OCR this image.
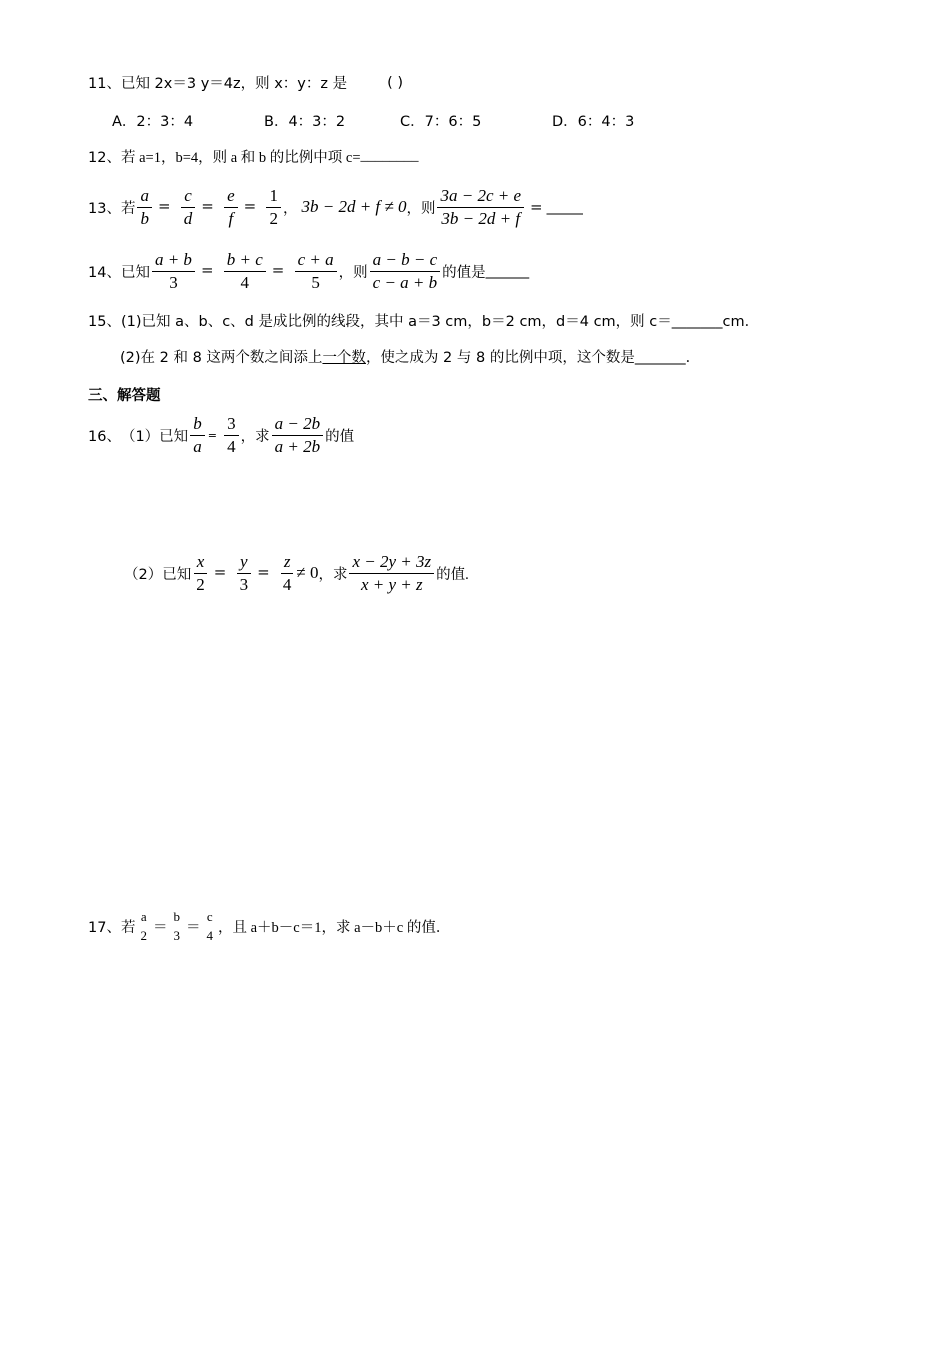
11、 已知 2x＝3 y＝4z，则 x：y：z 是	( )
A．2：3：4	B．4：3：2	C．7：6：5	D．6：4：3
12、 若 a=1，b=4，则 a 和 b 的比例中项 c= ________
13、 若 $\frac{a}{b} = \frac{c}{d} = \frac{e}{f} = \frac{1}{2}$ ， 3b − 2d + f ≠ 0 ，则 $\frac{3a - 2c + e}{3b - 2d + f}$ = _____
14、 已知 $\frac{a + b}{3} = \frac{b + c}{4} = \frac{c + a}{5}$ ，则 $\frac{a - b - c}{c - a + b}$ 的值是 ______
15、 (1)已知 a、b、c、d 是成比例的线段，其中 a＝3 cm，b＝2 cm，d＝4 cm，则 c＝ _______ cm．
(2)在 2 和 8 这两个数之间添上 一个数 ，使之成为 2 与 8 的比例中项，这个数是 _______ ．
三、解答题
16、 （1）已知 $\frac{b}{a} = \frac{3}{4}$ ，求 $\frac{a - 2b}{a + 2b}$ 的值
（2）已知 $\frac{x}{2} = \frac{y}{3} = \frac{z}{4} \ne 0$ ，求 $\frac{x - 2y + 3z}{x + y + z}$ 的值.
17、 若
a
2 ＝
b
3 ＝
c
4 ，且 a＋b－c＝1，求 a－b＋c 的值．
